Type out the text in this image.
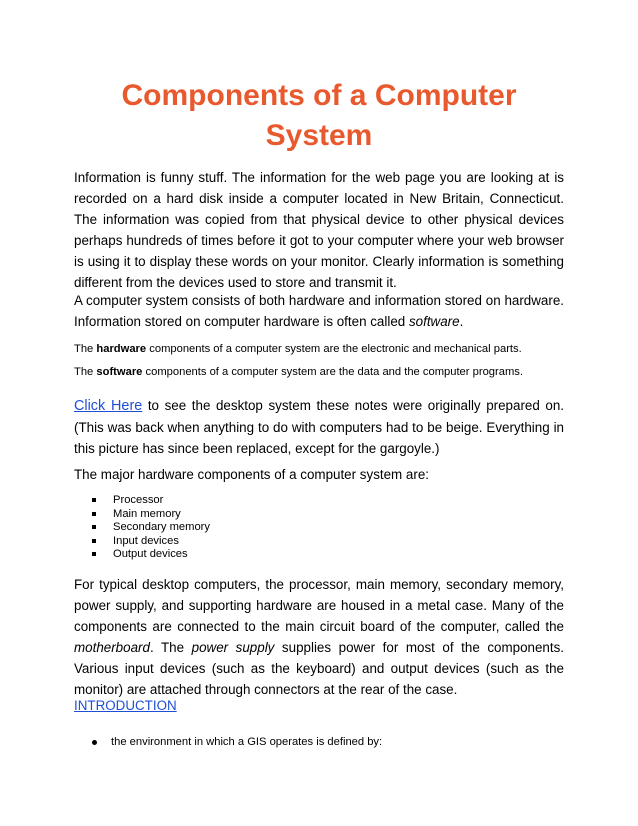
Components of a Computer System

Information is funny stuff. The information for the web page you are looking at is recorded on a hard disk inside a computer located in New Britain, Connecticut. The information was copied from that physical device to other physical devices perhaps hundreds of times before it got to your computer where your web browser is using it to display these words on your monitor. Clearly information is something different from the devices used to store and transmit it.

A computer system consists of both hardware and information stored on hardware. Information stored on computer hardware is often called software.

The hardware components of a computer system are the electronic and mechanical parts.

The software components of a computer system are the data and the computer programs.

Click Here to see the desktop system these notes were originally prepared on. (This was back when anything to do with computers had to be beige. Everything in this picture has since been replaced, except for the gargoyle.)

The major hardware components of a computer system are:

Processor
Main memory
Secondary memory
Input devices
Output devices

For typical desktop computers, the processor, main memory, secondary memory, power supply, and supporting hardware are housed in a metal case. Many of the components are connected to the main circuit board of the computer, called the motherboard. The power supply supplies power for most of the components. Various input devices (such as the keyboard) and output devices (such as the monitor) are attached through connectors at the rear of the case.

INTRODUCTION
the environment in which a GIS operates is defined by:
